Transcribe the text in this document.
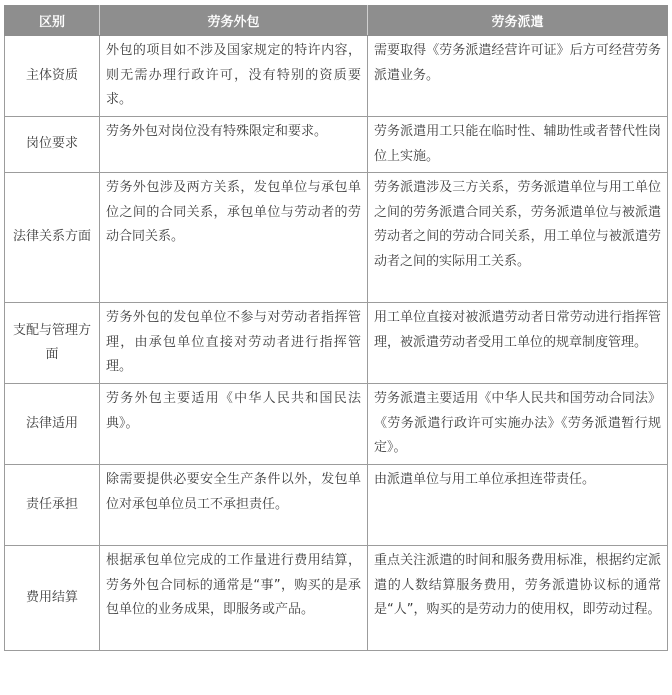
区别	劳务外包	劳务派遣
主体资质	外包的项目如不涉及国家规定的特许内容，则无需办理行政许可，没有特别的资质要求。	需要取得《劳务派遣经营许可证》后方可经营劳务派遣业务。
岗位要求	劳务外包对岗位没有特殊限定和要求。	劳务派遣用工只能在临时性、辅助性或者替代性岗位上实施。
法律关系方面	劳务外包涉及两方关系，发包单位与承包单位之间的合同关系，承包单位与劳动者的劳动合同关系。	劳务派遣涉及三方关系，劳务派遣单位与用工单位之间的劳务派遣合同关系，劳务派遣单位与被派遣劳动者之间的劳动合同关系，用工单位与被派遣劳动者之间的实际用工关系。
支配与管理方面	劳务外包的发包单位不参与对劳动者指挥管理，由承包单位直接对劳动者进行指挥管理。	用工单位直接对被派遣劳动者日常劳动进行指挥管理，被派遣劳动者受用工单位的规章制度管理。
法律适用	劳务外包主要适用《中华人民共和国民法典》。	劳务派遣主要适用《中华人民共和国劳动合同法》《劳务派遣行政许可实施办法》《劳务派遣暂行规定》。
责任承担	除需要提供必要安全生产条件以外，发包单位对承包单位员工不承担责任。	由派遣单位与用工单位承担连带责任。
费用结算	根据承包单位完成的工作量进行费用结算，劳务外包合同标的通常是“事”，购买的是承包单位的业务成果，即服务或产品。	重点关注派遣的时间和服务费用标准，根据约定派遣的人数结算服务费用，劳务派遣协议标的通常是“人”，购买的是劳动力的使用权，即劳动过程。
